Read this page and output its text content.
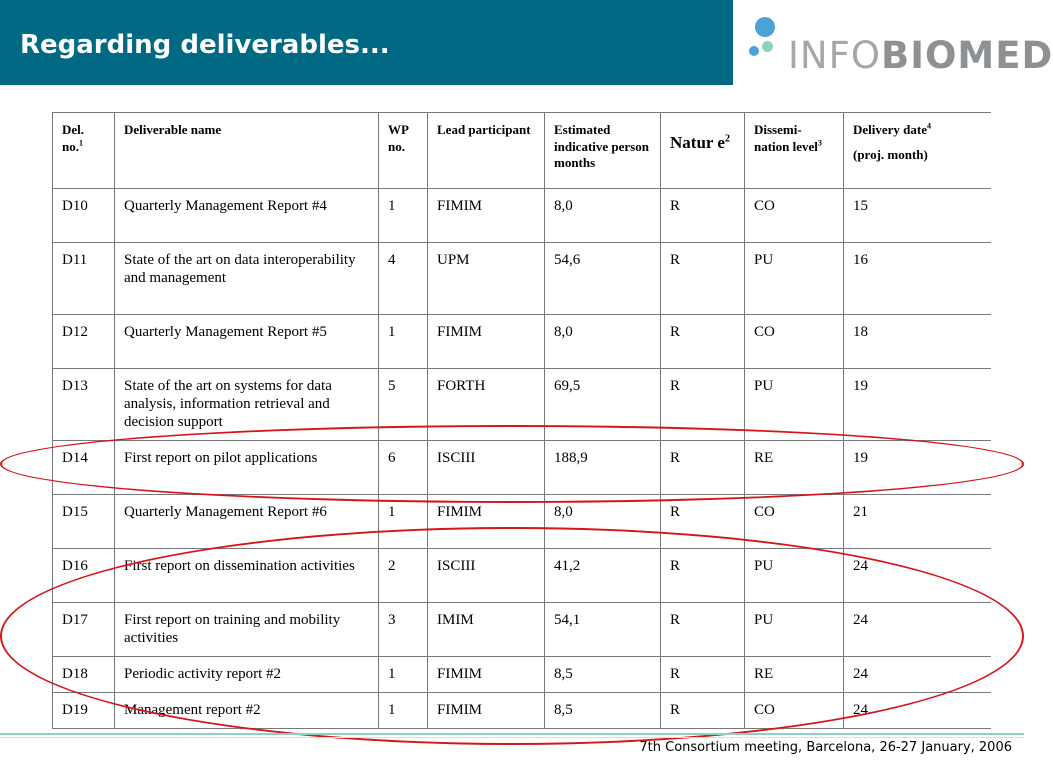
Regarding deliverables...	INFOBIOMED
Del. no.$^1$	Deliverable name	WP no.	Lead participant	Estimated indicative person months	Natur $e^2$	Dissemi-nation level$^3$	Delivery date$^4$
(proj. month)

D10	Quarterly Management Report #4	1	FIMIM	8,0	R	CO	15
D11	State of the art on data interoperability and management	4	UPM	54,6	R	PU	16
D12	Quarterly Management Report #5	1	FIMIM	8,0	R	CO	18
D13	State of the art on systems for data analysis, information retrieval and decision support	5	FORTH	69,5	R	PU	19
D14	First report on pilot applications	6	ISCIII	188,9	R	RE	19
D15	Quarterly Management Report #6	1	FIMIM	8,0	R	CO	21
D16	First report on dissemination activities	2	ISCIII	41,2	R	PU	24
D17	First report on training and mobility activities	3	IMIM	54,1	R	PU	24
D18	Periodic activity report #2	1	FIMIM	8,5	R	RE	24
D19	Management report #2	1	FIMIM	8,5	R	CO	24
7th Consortium meeting, Barcelona, 26-27 January, 2006
